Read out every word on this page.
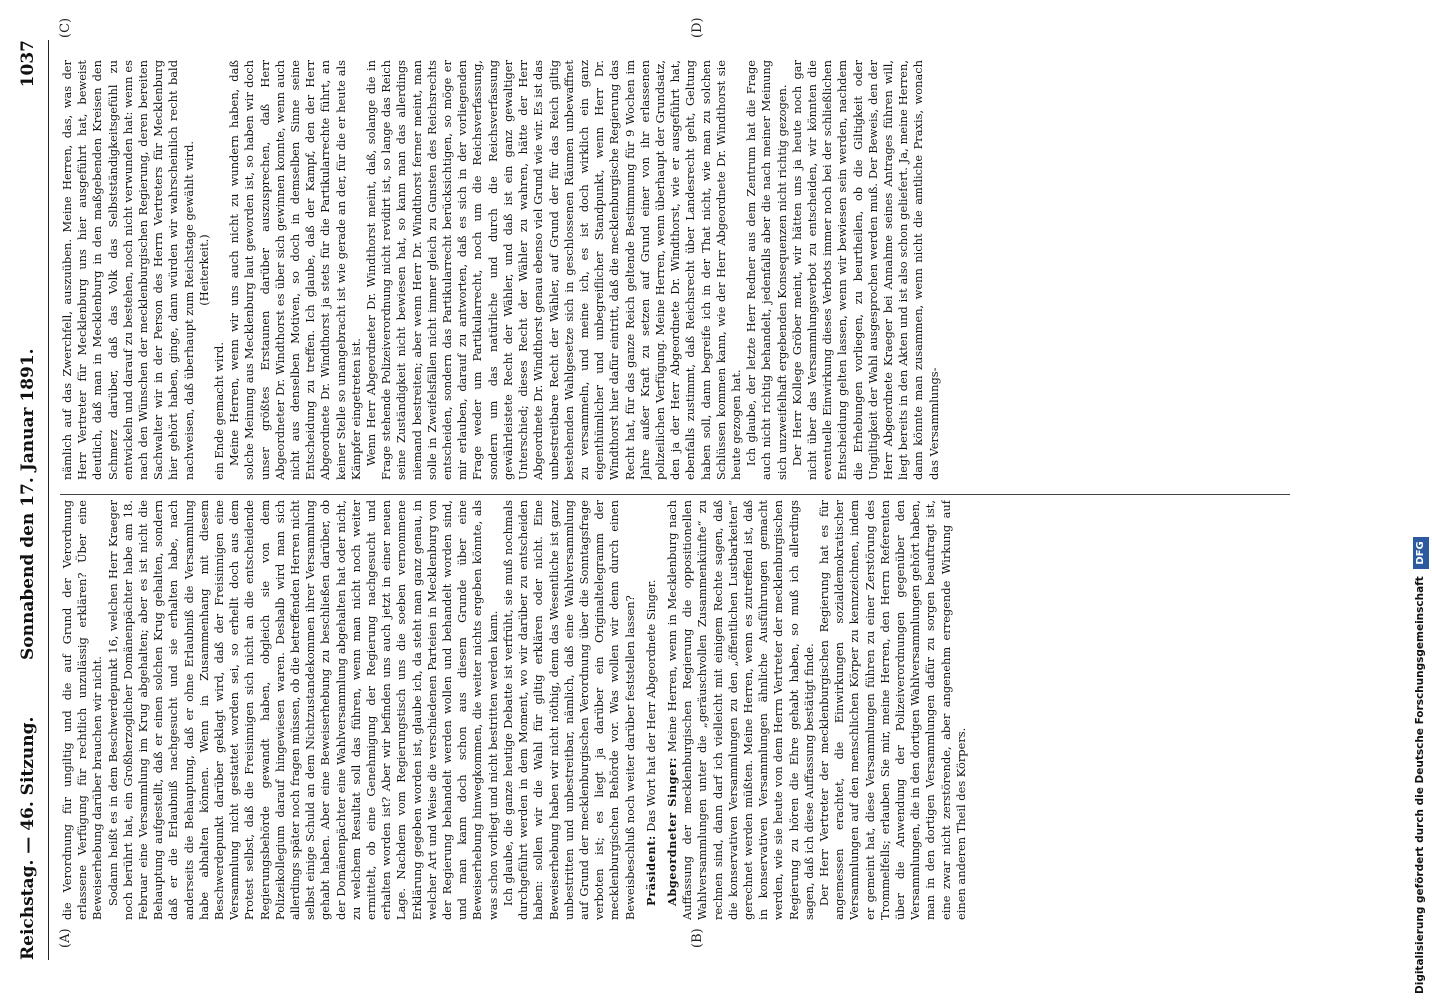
Reichstag. — 46. Sitzung.
Sonnabend den 17. Januar 1891.
1037
(A)	(B)
(C)	(D)

die Verordnung für ungiltig und die auf Grund der Verordnung erlassene Verfügung für rechtlich unzulässig erklären? Über eine Beweiserhebung darüber brauchen wir nicht. Sodann heißt es in dem Beschwerdepunkt 16, welchen Herr Kraeger noch berührt hat, ein Großherzoglicher Domänenpächter habe am 18. Februar eine Versammlung im Krug abgehalten; aber es ist nicht die Behauptung aufgestellt, daß er einen solchen Krug gehalten, sondern daß er die Erlaubniß nachgesucht und sie erhalten habe, nach anderseits die Behauptung, daß er ohne Erlaubniß die Versammlung habe abhalten können. Wenn in Zusammenhang mit diesem Beschwerdepunkt darüber geklagt wird, daß der Freisinnigen eine Versammlung nicht gestattet worden sei, so erhellt doch aus dem Protest selbst, daß die Freisinnigen sich nicht an die entscheidende Regierungsbehörde gewandt haben, obgleich sie von dem Polizeikollegium darauf hingewiesen waren. Deshalb wird man sich allerdings später noch fragen müssen, ob die betreffenden Herren nicht selbst einige Schuld an dem Nichtzustandekommen ihrer Versammlung gehabt haben. Aber eine Beweiserhebung zu beschließen darüber, ob der Domänenpächter eine Wahlversammlung abgehalten hat oder nicht, zu welchem Resultat soll das führen, wenn man nicht noch weiter ermittelt, ob eine Genehmigung der Regierung nachgesucht und erhalten worden ist? Aber wir befinden uns auch jetzt in einer neuen Lage. Nachdem vom Regierungstisch uns die soeben vernommene Erklärung gegeben worden ist, glaube ich, da steht man ganz genau, in welcher Art und Weise die verschiedenen Parteien in Mecklenburg von der Regierung behandelt werden wollen und behandelt worden sind, und man kann doch schon aus diesem Grunde über eine Beweiserhebung hinwegkommen, die weiter nichts ergeben könnte, als was schon vorliegt und nicht bestritten werden kann. Ich glaube, die ganze heutige Debatte ist verfrüht, sie muß nochmals durchgeführt werden in dem Moment, wo wir darüber zu entscheiden haben: sollen wir die Wahl für giltig erklären oder nicht. Eine Beweiserhebung haben wir nicht nöthig, denn das Wesentliche ist ganz unbestritten und unbestreitbar, nämlich, daß eine Wahlversammlung auf Grund der mecklenburgischen Verordnung über die Sonntagsfrage verboten ist; es liegt ja darüber ein Originaltelegramm der mecklenburgischen Behörde vor. Was wollen wir denn durch einen Beweisbeschluß noch weiter darüber feststellen lassen? Präsident: Das Wort hat der Herr Abgeordnete Singer. Abgeordneter Singer: Meine Herren, wenn in Mecklenburg nach Auffassung der mecklenburgischen Regierung die oppositionellen Wahlversammlungen unter die „geräuschvollen Zusammenkünfte“ zu rechnen sind, dann darf ich vielleicht mit einigem Rechte sagen, daß die konservativen Versammlungen zu den „öffentlichen Lustbarkeiten“ gerechnet werden müßten. Meine Herren, wenn es zutreffend ist, daß in konservativen Versammlungen ähnliche Ausführungen gemacht werden, wie sie heute von dem Herrn Vertreter der mecklenburgischen Regierung zu hören die Ehre gehabt haben, so muß ich allerdings sagen, daß ich diese Auffassung bestätigt finde. Der Herr Vertreter der mecklenburgischen Regierung hat es für angemessen erachtet, die Einwirkungen sozialdemokratischer Versammlungen auf den menschlichen Körper zu kennzeichnen, indem er gemeint hat, diese Versammlungen führen zu einer Zerstörung des Trommelfells; erlauben Sie mir, meine Herren, den Herrn Referenten über die Anwendung der Polizeiverordnungen gegenüber den Versammlungen, die in den dortigen Wahlversammlungen gehört haben, man in den dortigen Versammlungen dafür zu sorgen beauftragt ist, eine zwar nicht zerstörende, aber angenehm erregende Wirkung auf einen anderen Theil des Körpers.

nämlich auf das Zwerchfell, auszuüben. Meine Herren, das, was der Herr Vertreter für Mecklenburg uns hier ausgeführt hat, beweist deutlich, daß man in Mecklenburg in den maßgebenden Kreisen den Schmerz darüber, daß das Volk das Selbstständigkeitsgefühl zu entwickeln und darauf zu bestehen, noch nicht verwunden hat: wenn es nach den Wünschen der mecklenburgischen Regierung, deren bereiten Sachwalter wir in der Person des Herrn Vertreters für Mecklenburg hier gehört haben, ginge, dann würden wir wahrscheinlich recht bald nachweisen, daß überhaupt zum Reichstage gewählt wird. (Heiterkeit.)

ein Ende gemacht wird. Meine Herren, wenn wir uns auch nicht zu wundern haben, daß solche Meinung aus Mecklenburg laut geworden ist, so haben wir doch unser größtes Erstaunen darüber auszusprechen, daß Herr Abgeordneter Dr. Windthorst es über sich gewinnen konnte, wenn auch nicht aus denselben Motiven, so doch in demselben Sinne seine Entscheidung zu treffen. Ich glaube, daß der Kampf, den der Herr Abgeordnete Dr. Windthorst ja stets für die Partikularrechte führt, an keiner Stelle so unangebracht ist wie gerade an der, für die er heute als Kämpfer eingetreten ist. Wenn Herr Abgeordneter Dr. Windthorst meint, daß, solange die in Frage stehende Polizeiverordnung nicht revidirt ist, so lange das Reich seine Zuständigkeit nicht bewiesen hat, so kann man das allerdings niemand bestreiten; aber wenn Herr Dr. Windthorst ferner meint, man solle in Zweifelsfällen nicht immer gleich zu Gunsten des Reichsrechts entscheiden, sondern das Partikularrecht berücksichtigen, so möge er mir erlauben, darauf zu antworten, daß es sich in der vorliegenden Frage weder um Partikularrecht, noch um die Reichsverfassung, sondern um das natürliche und durch die Reichsverfassung gewährleistete Recht der Wähler, und daß ist ein ganz gewaltiger Unterschied; dieses Recht der Wähler zu wahren, hätte der Herr Abgeordnete Dr. Windthorst genau ebenso viel Grund wie wir. Es ist das unbestreitbare Recht der Wähler, auf Grund der für das Reich giltig bestehenden Wahlgesetze sich in geschlossenen Räumen unbewaffnet zu versammeln, und meine ich, es ist doch wirklich ein ganz eigenthümlicher und unbegreiflicher Standpunkt, wenn Herr Dr. Windthorst hier dafür eintritt, daß die mecklenburgische Regierung das Recht hat, für das ganze Reich geltende Bestimmung für 9 Wochen im Jahre außer Kraft zu setzen auf Grund einer von ihr erlassenen polizeilichen Verfügung. Meine Herren, wenn überhaupt der Grundsatz, den ja der Herr Abgeordnete Dr. Windthorst, wie er ausgeführt hat, ebenfalls zustimmt, daß Reichsrecht über Landesrecht geht, Geltung haben soll, dann begreife ich in der That nicht, wie man zu solchen Schlüssen kommen kann, wie der Herr Abgeordnete Dr. Windthorst sie heute gezogen hat. Ich glaube, der letzte Herr Redner aus dem Zentrum hat die Frage auch nicht richtig behandelt, jedenfalls aber die nach meiner Meinung sich unzweifelhaft ergebenden Konsequenzen nicht richtig gezogen. Der Herr Kollege Gröber meint, wir hätten uns ja heute noch gar nicht über das Versammlungsverbot zu entscheiden, wir könnten die eventuelle Einwirkung dieses Verbots immer noch bei der schließlichen Entscheidung gelten lassen, wenn wir bewiesen sein werden, nachdem die Erhebungen vorliegen, zu beurtheilen, ob die Giltigkeit oder Ungiltigkeit der Wahl ausgesprochen werden muß. Der Beweis, den der Herr Abgeordnete Kraeger bei Annahme seines Antrages führen will, liegt bereits in den Akten und ist also schon geliefert. Ja, meine Herren, dann könnte man zusammen, wenn nicht die amtliche Praxis, wonach das Versammlungs-

Digitalisierung gefördert durch die Deutsche Forschungsgemeinschaft DFG
